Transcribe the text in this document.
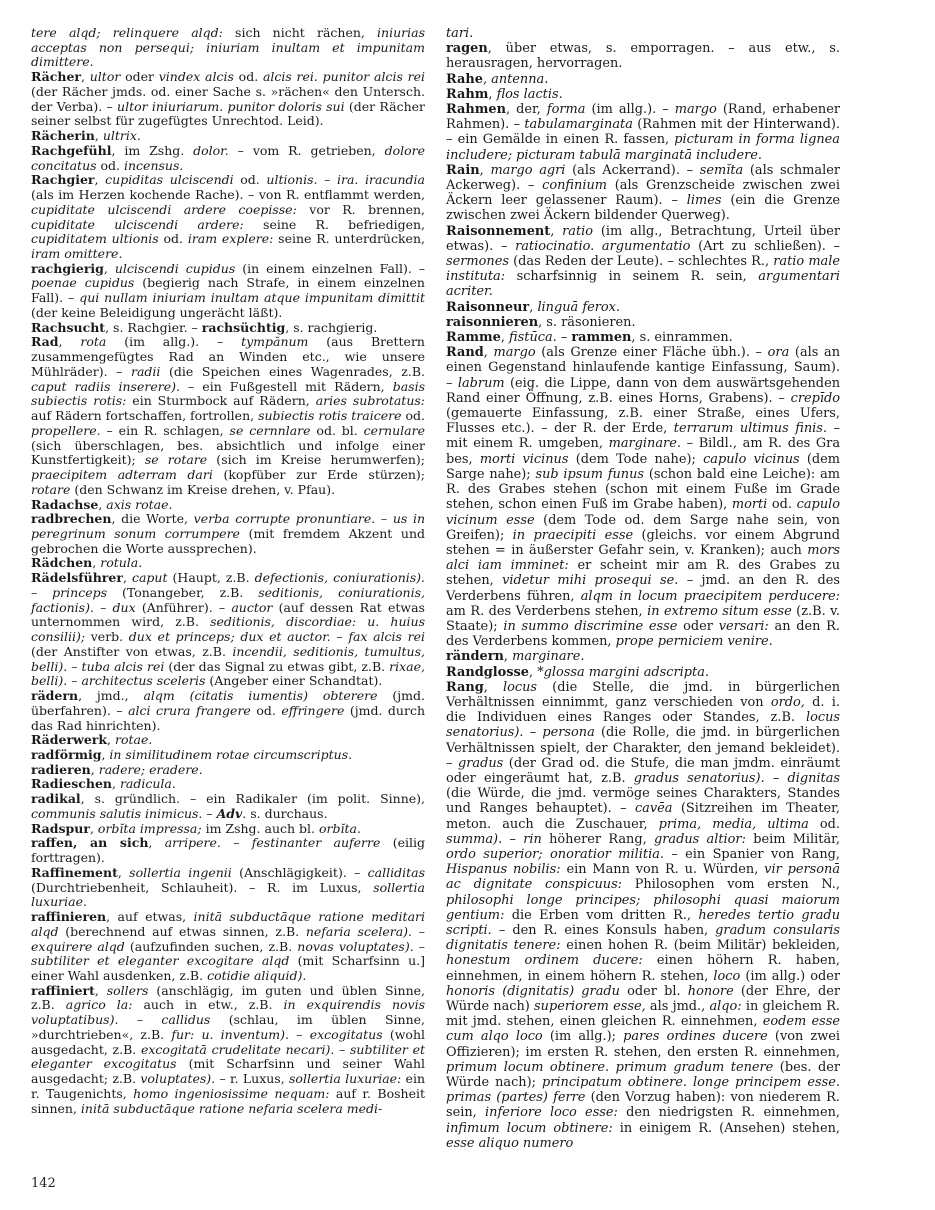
tere alqd; relinquere alqd: sich nicht rächen, iniurias acceptas non persequi; iniuriam inultam et impunitam dimittere.

Rächer, ultor oder vindex alcis od. alcis rei. punitor alcis rei (der Rächer jmds. od. einer Sache s. »rächen« den Untersch. der Verba). – ultor iniuriarum. punitor doloris sui (der Rächer seiner selbst für zugefügtes Unrechtod. Leid).

Rächerin, ultrix.

Rachgefühl, im Zshg. dolor. – vom R. getrieben, dolore concitatus od. incensus.

Rachgier, cupiditas ulciscendi od. ultionis. – ira. iracundia (als im Herzen kochende Rache). – von R. entflammt werden, cupiditate ulciscendi ardere coepisse: vor R. brennen, cupiditate ulciscendi ardere: seine R. befriedigen, cupiditatem ultionis od. iram explere: seine R. unterdrücken, iram omittere.

rachgierig, ulciscendi cupidus (in einem einzelnen Fall). – poenae cupidus (begierig nach Strafe, in einem einzelnen Fall). – qui nullam iniuriam inultam atque impunitam dimittit (der keine Beleidigung ungerächt läßt).

Rachsucht, s. Rachgier. – rachsüchtig, s. rachgierig.

Rad, rota (im allg.). – tympănum (aus Brettern zusammengefügtes Rad an Winden etc., wie unsere Mühlräder). – radii (die Speichen eines Wagenrades, z.B. caput radiis inserere). – ein Fußgestell mit Rädern, basis subiectis rotis: ein Sturmbock auf Rädern, aries subrotatus: auf Rädern fortschaffen, fortrollen, subiectis rotis traicere od. propellere. – ein R. schlagen, se cernnlare od. bl. cernulare (sich überschlagen, bes. absichtlich und infolge einer Kunstfertigkeit); se rotare (sich im Kreise herumwerfen); praecipitem adterram dari (kopfüber zur Erde stürzen); rotare (den Schwanz im Kreise drehen, v. Pfau).

Radachse, axis rotae.

radbrechen, die Worte, verba corrupte pronuntiare. – us in peregrinum sonum corrumpere (mit fremdem Akzent und gebrochen die Worte aussprechen).

Rädchen, rotula.

Rädelsführer, caput (Haupt, z.B. defectionis, coniurationis). – princeps (Tonangeber, z.B. seditionis, coniurationis, factionis). – dux (Anführer). – auctor (auf dessen Rat etwas unternommen wird, z.B. seditionis, discordiae: u. huius consilii); verb. dux et princeps; dux et auctor. – fax alcis rei (der Anstifter von etwas, z.B. incendii, seditionis, tumultus, belli). – tuba alcis rei (der das Signal zu etwas gibt, z.B. rixae, belli). – architectus sceleris (Angeber einer Schandtat).

rädern, jmd., alqm (citatis iumentis) obterere (jmd. überfahren). – alci crura frangere od. effringere (jmd. durch das Rad hinrichten).

Räderwerk, rotae.

radförmig, in similitudinem rotae circumscriptus.

radieren, radere; eradere.

Radieschen, radicula.

radikal, s. gründlich. – ein Radikaler (im polit. Sinne), communis salutis inimicus. – Adv. s. durchaus.

Radspur, orbĭta impressa; im Zshg. auch bl. orbĭta.

raffen, an sich, arripere. – festinanter auferre (eilig forttragen).

Raffinement, sollertia ingenii (Anschlägigkeit). – calliditas (Durchtriebenheit, Schlauheit). – R. im Luxus, sollertia luxuriae.

raffinieren, auf etwas, initā subductāque ratione meditari alqd (berechnend auf etwas sinnen, z.B. nefaria scelera). – exquirere alqd (aufzufinden suchen, z.B. novas voluptates). – subtiliter et eleganter excogitare alqd (mit Scharfsinn u.] einer Wahl ausdenken, z.B. cotidie aliquid).

raffiniert, sollers (anschlägig, im guten und üblen Sinne, z.B. agrico la: auch in etw., z.B. in exquirendis novis voluptatibus). – callidus (schlau, im üblen Sinne, »durchtrieben«, z.B. fur: u. inventum). – excogitatus (wohl ausgedacht, z.B. excogitatā crudelitate necari). – subtiliter et eleganter excogitatus (mit Scharfsinn und seiner Wahl ausgedacht; z.B. voluptates). – r. Luxus, sollertia luxuriae: ein r. Taugenichts, homo ingeniosissime nequam: auf r. Bosheit sinnen, initā subductāque ratione nefaria scelera medi-

tari.

ragen, über etwas, s. emporragen. – aus etw., s. herausragen, hervorragen.

Rahe, antenna.

Rahm, flos lactis.

Rahmen, der, forma (im allg.). – margo (Rand, erhabener Rahmen). – tabulamarginata (Rahmen mit der Hinterwand). – ein Gemälde in einen R. fassen, picturam in forma lignea includere; picturam tabulā marginatā includere.

Rain, margo agri (als Ackerrand). – semĭta (als schmaler Ackerweg). – confinium (als Grenzscheide zwischen zwei Äckern leer gelassener Raum). – limes (ein die Grenze zwischen zwei Äckern bildender Querweg).

Raisonnement, ratio (im allg., Betrachtung, Urteil über etwas). – ratiocinatio. argumentatio (Art zu schließen). – sermones (das Reden der Leute). – schlechtes R., ratio male instituta: scharfsinnig in seinem R. sein, argumentari acriter.

Raisonneur, linguā ferox.

raisonnieren, s. räsonieren.

Ramme, fistūca. – rammen, s. einrammen.

Rand, margo (als Grenze einer Fläche übh.). – ora (als an einen Gegenstand hinlaufende kantige Einfassung, Saum). – labrum (eig. die Lippe, dann von dem auswärtsgehenden Rand einer Öffnung, z.B. eines Horns, Grabens). – crepīdo (gemauerte Einfassung, z.B. einer Straße, eines Ufers, Flusses etc.). – der R. der Erde, terrarum ultimus finis. – mit einem R. umgeben, marginare. – Bildl., am R. des Gra bes, morti vicinus (dem Tode nahe); capulo vicinus (dem Sarge nahe); sub ipsum funus (schon bald eine Leiche): am R. des Grabes stehen (schon mit einem Fuße im Grade stehen, schon einen Fuß im Grabe haben), morti od. capulo vicinum esse (dem Tode od. dem Sarge nahe sein, von Greifen); in praecipiti esse (gleichs. vor einem Abgrund stehen = in äußerster Gefahr sein, v. Kranken); auch mors alci iam imminet: er scheint mir am R. des Grabes zu stehen, videtur mihi prosequi se. – jmd. an den R. des Verderbens führen, alqm in locum praecipitem perducere: am R. des Verderbens stehen, in extremo situm esse (z.B. v. Staate); in summo discrimine esse oder versari: an den R. des Verderbens kommen, prope perniciem venire.

rändern, marginare.

Randglosse, *glossa margini adscripta.

Rang, locus (die Stelle, die jmd. in bürgerlichen Verhältnissen einnimmt, ganz verschieden von ordo, d. i. die Individuen eines Ranges oder Standes, z.B. locus senatorius). – persona (die Rolle, die jmd. in bürgerlichen Verhältnissen spielt, der Charakter, den jemand bekleidet). – gradus (der Grad od. die Stufe, die man jmdm. einräumt oder eingeräumt hat, z.B. gradus senatorius). – dignitas (die Würde, die jmd. vermöge seines Charakters, Standes und Ranges behauptet). – cavēa (Sitzreihen im Theater, meton. auch die Zuschauer, prima, media, ultima od. summa). – rin höherer Rang, gradus altior: beim Militär, ordo superior; onoratior militia. – ein Spanier von Rang, Hispanus nobilis: ein Mann von R. u. Würden, vir personā ac dignitate conspicuus: Philosophen vom ersten N., philosophi longe principes; philosophi quasi maiorum gentium: die Erben vom dritten R., heredes tertio gradu scripti. – den R. eines Konsuls haben, gradum consularis dignitatis tenere: einen hohen R. (beim Militär) bekleiden, honestum ordinem ducere: einen höhern R. haben, einnehmen, in einem höhern R. stehen, loco (im allg.) oder honoris (dignitatis) gradu oder bl. honore (der Ehre, der Würde nach) superiorem esse, als jmd., alqo: in gleichem R. mit jmd. stehen, einen gleichen R. einnehmen, eodem esse cum alqo loco (im allg.); pares ordines ducere (von zwei Offizieren); im ersten R. stehen, den ersten R. einnehmen, primum locum obtinere. primum gradum tenere (bes. der Würde nach); principatum obtinere. longe principem esse. primas (partes) ferre (den Vorzug haben): von niederem R. sein, inferiore loco esse: den niedrigsten R. einnehmen, infimum locum obtinere: in einigem R. (Ansehen) stehen, esse aliquo numero

142
